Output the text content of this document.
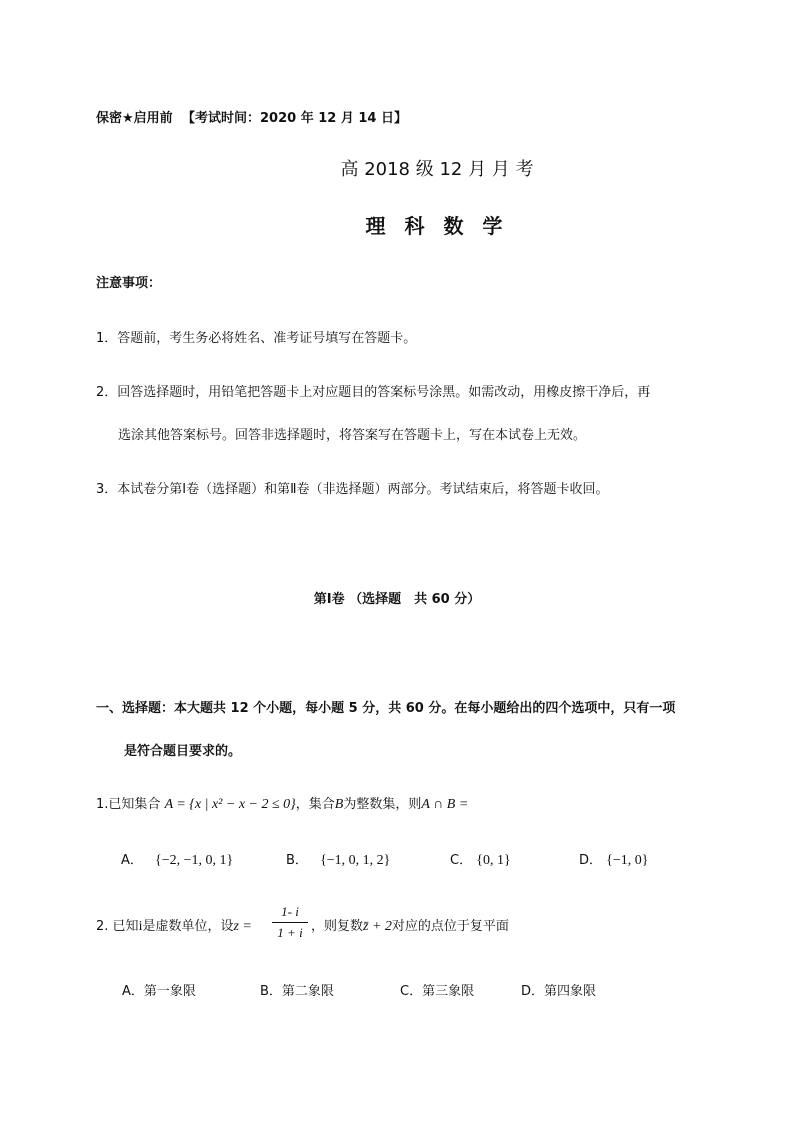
保密★启用前 【考试时间：2020 年 12 月 14 日】
高 2018 级 12 月 月 考
理 科 数 学
注意事项：
1．答题前，考生务必将姓名、准考证号填写在答题卡。
2．回答选择题时，用铅笔把答题卡上对应题目的答案标号涂黑。如需改动，用橡皮擦干净后，再
选涂其他答案标号。回答非选择题时，将答案写在答题卡上，写在本试卷上无效。
3．本试卷分第Ⅰ卷（选择题）和第Ⅱ卷（非选择题）两部分。考试结束后，将答题卡收回。
第Ⅰ卷 （选择题　共 60 分）
一、选择题：本大题共 12 个小题，每小题 5 分，共 60 分。在每小题给出的四个选项中，只有一项
是符合题目要求的。
1.已知集合 A = {x | x² − x − 2 ≤ 0}，集合B为整数集，则A ∩ B =
A． {−2, −1, 0, 1}	B． {−1, 0, 1, 2}	C． {0, 1}	D． {−1, 0}
2. 已知i是虚数单位，设z =
1- i
1 + i ，则复数z̄ + 2对应的点位于复平面
A．第一象限	B．第二象限	C．第三象限	D．第四象限
